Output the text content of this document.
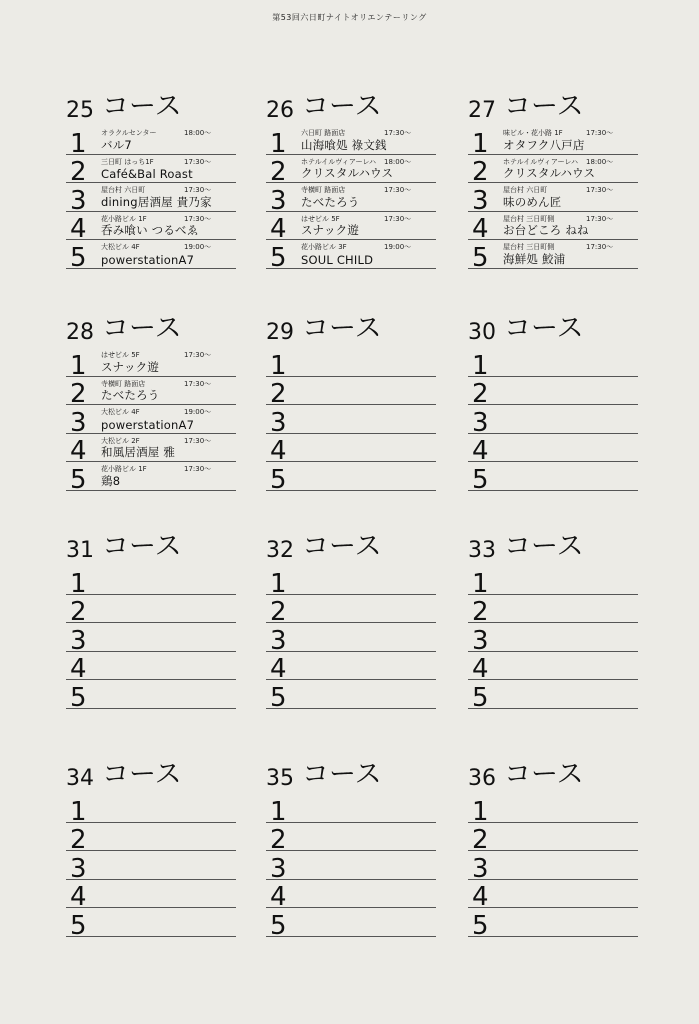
第53回六日町ナイトオリエンテーリング
25 コース
1 オラクルセンター	18:00～
バル7
2 三日町 はっち1F	17:30～
Café&Bal Roast
3 屋台村 六日町	17:30～
dining居酒屋 貴乃家
4 花小路ビル 1F	17:30～
呑み喰い つるべゑ
5 大松ビル 4F	19:00～
powerstationA7
26 コース
1 六日町 路面店	17:30～
山海喰処 祿文銭
2 ホテルイルヴィアーレハ 18:00～
クリスタルハウス
3 寺横町 路面店	17:30～
たべたろう
4 はせビル 5F	17:30～
スナック遊
5 花小路ビル 3F	19:00～
SOUL CHILD
27 コース
1 味ビル・花小路 1F	17:30～
オタフク八戸店
2 ホテルイルヴィアーレハ 18:00～
クリスタルハウス
3 屋台村 六日町	17:30～
味のめん匠
4 屋台村 三日町側	17:30～
お台どころ ねね
5 屋台村 三日町側	17:30～
海鮮処 鮫浦
28 コース
1 はせビル 5F	17:30～
スナック遊
2 寺横町 路面店	17:30～
たべたろう
3 大松ビル 4F	19:00～
powerstationA7
4 大松ビル 2F	17:30～
和風居酒屋 雅
5 花小路ビル 1F	17:30～
鶏8
29 コース
1
2
3
4
5
30 コース
1
2
3
4
5
31 コース
1
2
3
4
5
32 コース
1
2
3
4
5
33 コース
1
2
3
4
5
34 コース
1
2
3
4
5
35 コース
1
2
3
4
5
36 コース
1
2
3
4
5
